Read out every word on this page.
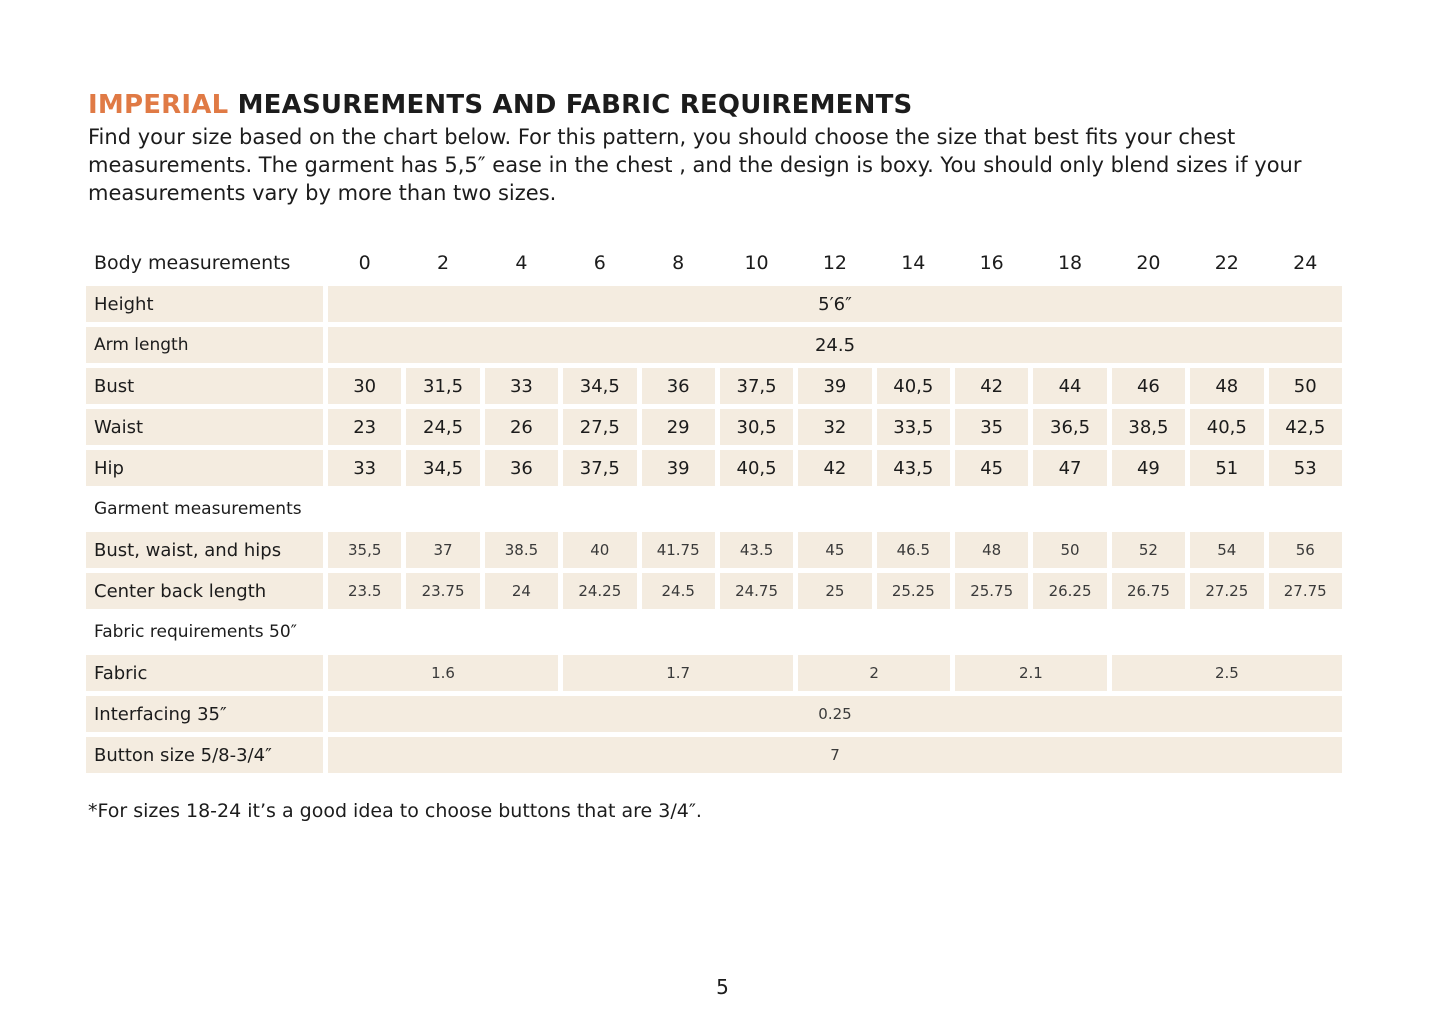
IMPERIAL MEASUREMENTS AND FABRIC REQUIREMENTS

Find your size based on the chart below. For this pattern, you should choose the size that best fits your chest measurements. The garment has 5,5″ ease in the chest , and the design is boxy. You should only blend sizes if your measurements vary by more than two sizes.

Body measurements	0	2	4	6	8	10	12	14	16	18	20	22	24
Height	5′6″												
Arm length	24.5												
Bust	30	31,5	33	34,5	36	37,5	39	40,5	42	44	46	48	50
Waist	23	24,5	26	27,5	29	30,5	32	33,5	35	36,5	38,5	40,5	42,5
Hip	33	34,5	36	37,5	39	40,5	42	43,5	45	47	49	51	53
Garment measurements													
Bust, waist, and hips	35,5	37	38.5	40	41.75	43.5	45	46.5	48	50	52	54	56
Center back length	23.5	23.75	24	24.25	24.5	24.75	25	25.25	25.75	26.25	26.75	27.25	27.75
Fabric requirements 50″													
Fabric	1.6			1.7			2		2.1		2.5		
Interfacing 35″	0.25												
Button size 5/8-3/4″	7												

*For sizes 18-24 it’s a good idea to choose buttons that are 3/4″.

5
